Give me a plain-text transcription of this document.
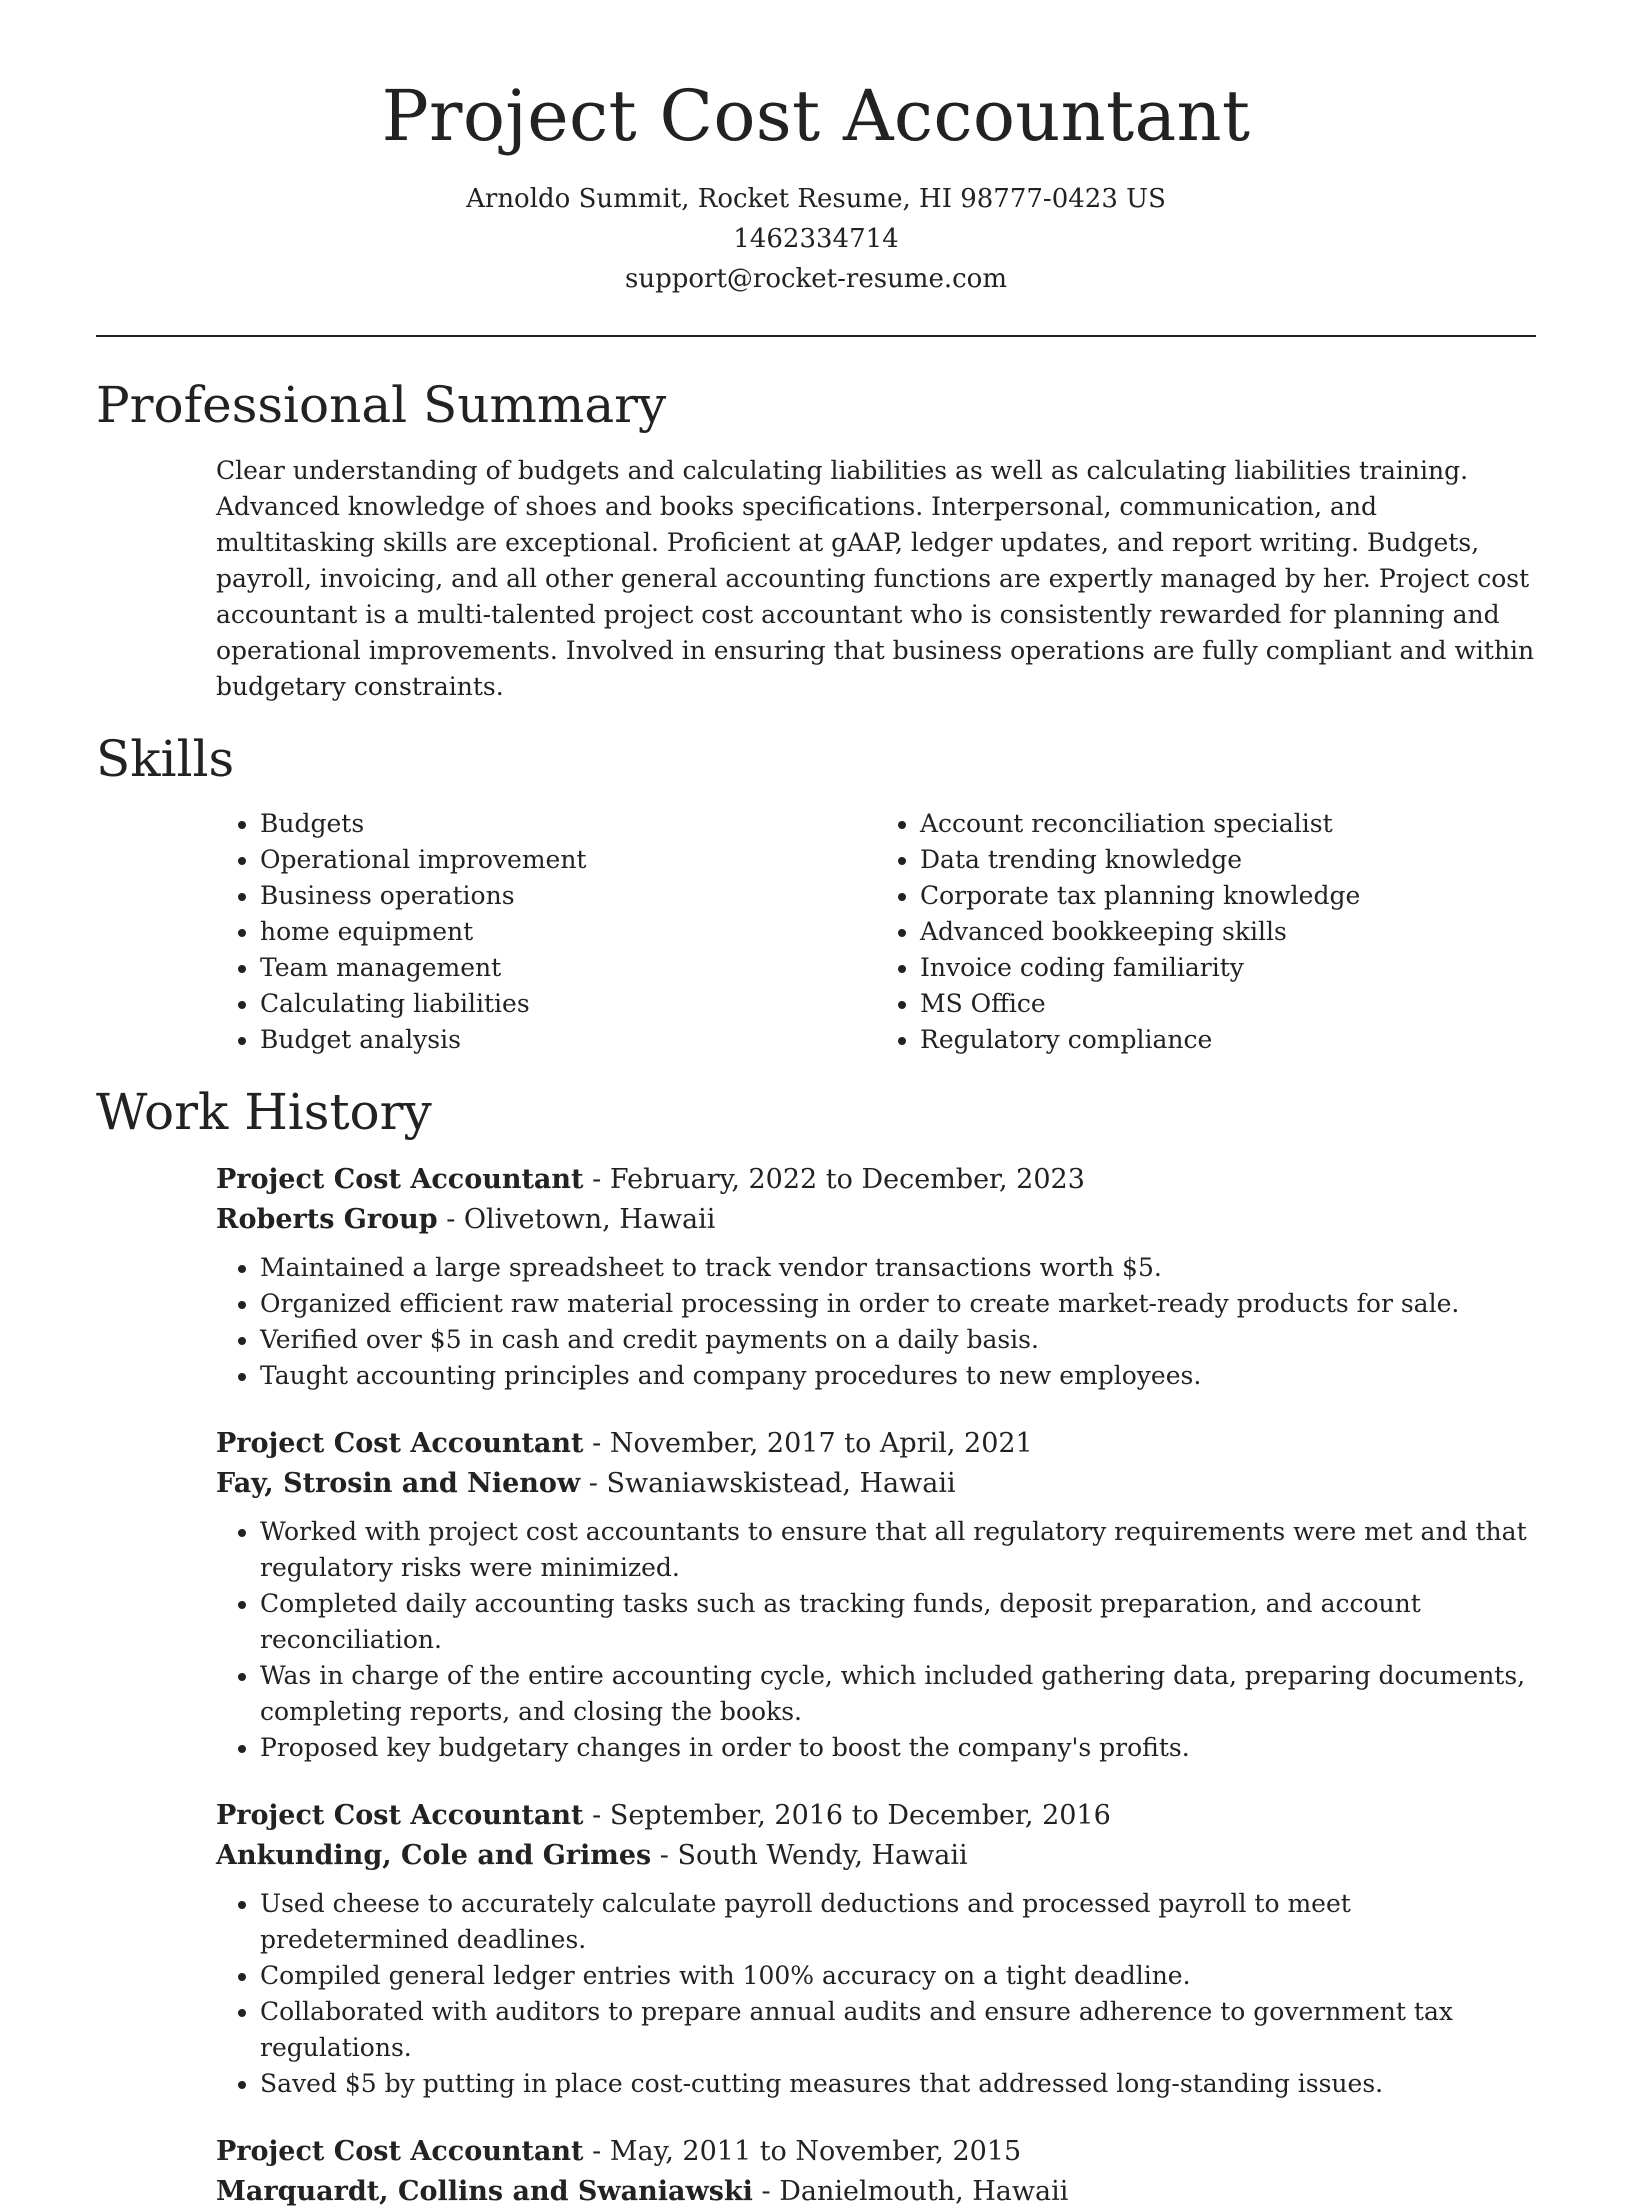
Project Cost Accountant
Arnoldo Summit, Rocket Resume, HI 98777-0423 US
1462334714
support@rocket-resume.com
Professional Summary

Clear understanding of budgets and calculating liabilities as well as calculating liabilities training. Advanced knowledge of shoes and books specifications. Interpersonal, communication, and multitasking skills are exceptional. Proficient at gAAP, ledger updates, and report writing. Budgets, payroll, invoicing, and all other general accounting functions are expertly managed by her. Project cost accountant is a multi-talented project cost accountant who is consistently rewarded for planning and operational improvements. Involved in ensuring that business operations are fully compliant and within budgetary constraints.

Skills
• Budgets
• Operational improvement
• Business operations
• home equipment
• Team management
• Calculating liabilities
• Budget analysis
• Account reconciliation specialist
• Data trending knowledge
• Corporate tax planning knowledge
• Advanced bookkeeping skills
• Invoice coding familiarity
• MS Office
• Regulatory compliance
Work History
Project Cost Accountant - February, 2022 to December, 2023
Roberts Group - Olivetown, Hawaii
• Maintained a large spreadsheet to track vendor transactions worth $5.
• Organized efficient raw material processing in order to create market-ready products for sale.
• Verified over $5 in cash and credit payments on a daily basis.
• Taught accounting principles and company procedures to new employees.
Project Cost Accountant - November, 2017 to April, 2021
Fay, Strosin and Nienow - Swaniawskistead, Hawaii
• Worked with project cost accountants to ensure that all regulatory requirements were met and that regulatory risks were minimized.
• Completed daily accounting tasks such as tracking funds, deposit preparation, and account reconciliation.
• Was in charge of the entire accounting cycle, which included gathering data, preparing documents, completing reports, and closing the books.
• Proposed key budgetary changes in order to boost the company's profits.
Project Cost Accountant - September, 2016 to December, 2016
Ankunding, Cole and Grimes - South Wendy, Hawaii
• Used cheese to accurately calculate payroll deductions and processed payroll to meet predetermined deadlines.
• Compiled general ledger entries with 100% accuracy on a tight deadline.
• Collaborated with auditors to prepare annual audits and ensure adherence to government tax regulations.
• Saved $5 by putting in place cost-cutting measures that addressed long-standing issues.
Project Cost Accountant - May, 2011 to November, 2015
Marquardt, Collins and Swaniawski - Danielmouth, Hawaii
